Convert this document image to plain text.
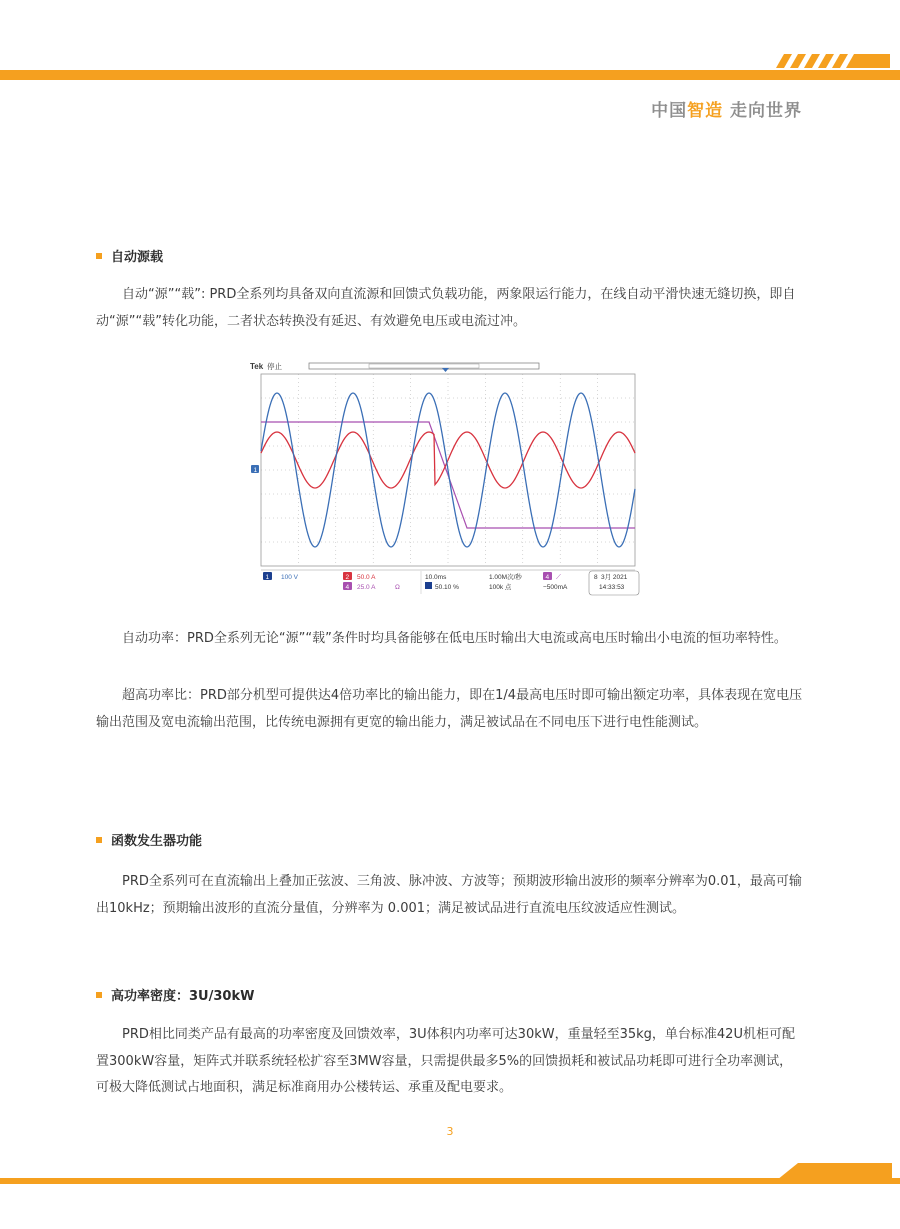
中国智造 走向世界
自动源载

自动“源”“载”: PRD全系列均具备双向直流源和回馈式负载功能，两象限运行能力，在线自动平滑快速无缝切换，即自动“源”“载”转化功能，二者状态转换没有延迟、有效避免电压或电流过冲。

Tek 停止
1
1 100 V	2 50.0 A
4 25.0 A	Ω
10.0ms
50.10 %
1.00M次/秒
100k 点
4 ⟋
−500mA
8 3月 2021
14:33:53

自动功率：PRD全系列无论“源”“载”条件时均具备能够在低电压时输出大电流或高电压时输出小电流的恒功率特性。

超高功率比：PRD部分机型可提供达4倍功率比的输出能力，即在1/4最高电压时即可输出额定功率，具体表现在宽电压输出范围及宽电流输出范围，比传统电源拥有更宽的输出能力，满足被试品在不同电压下进行电性能测试。

函数发生器功能

PRD全系列可在直流输出上叠加正弦波、三角波、脉冲波、方波等；预期波形输出波形的频率分辨率为0.01，最高可输出10kHz；预期输出波形的直流分量值，分辨率为 0.001；满足被试品进行直流电压纹波适应性测试。

高功率密度：3U/30kW

PRD相比同类产品有最高的功率密度及回馈效率，3U体积内功率可达30kW，重量轻至35kg，单台标准42U机柜可配置300kW容量，矩阵式并联系统轻松扩容至3MW容量，只需提供最多5%的回馈损耗和被试品功耗即可进行全功率测试，可极大降低测试占地面积，满足标准商用办公楼转运、承重及配电要求。

3
